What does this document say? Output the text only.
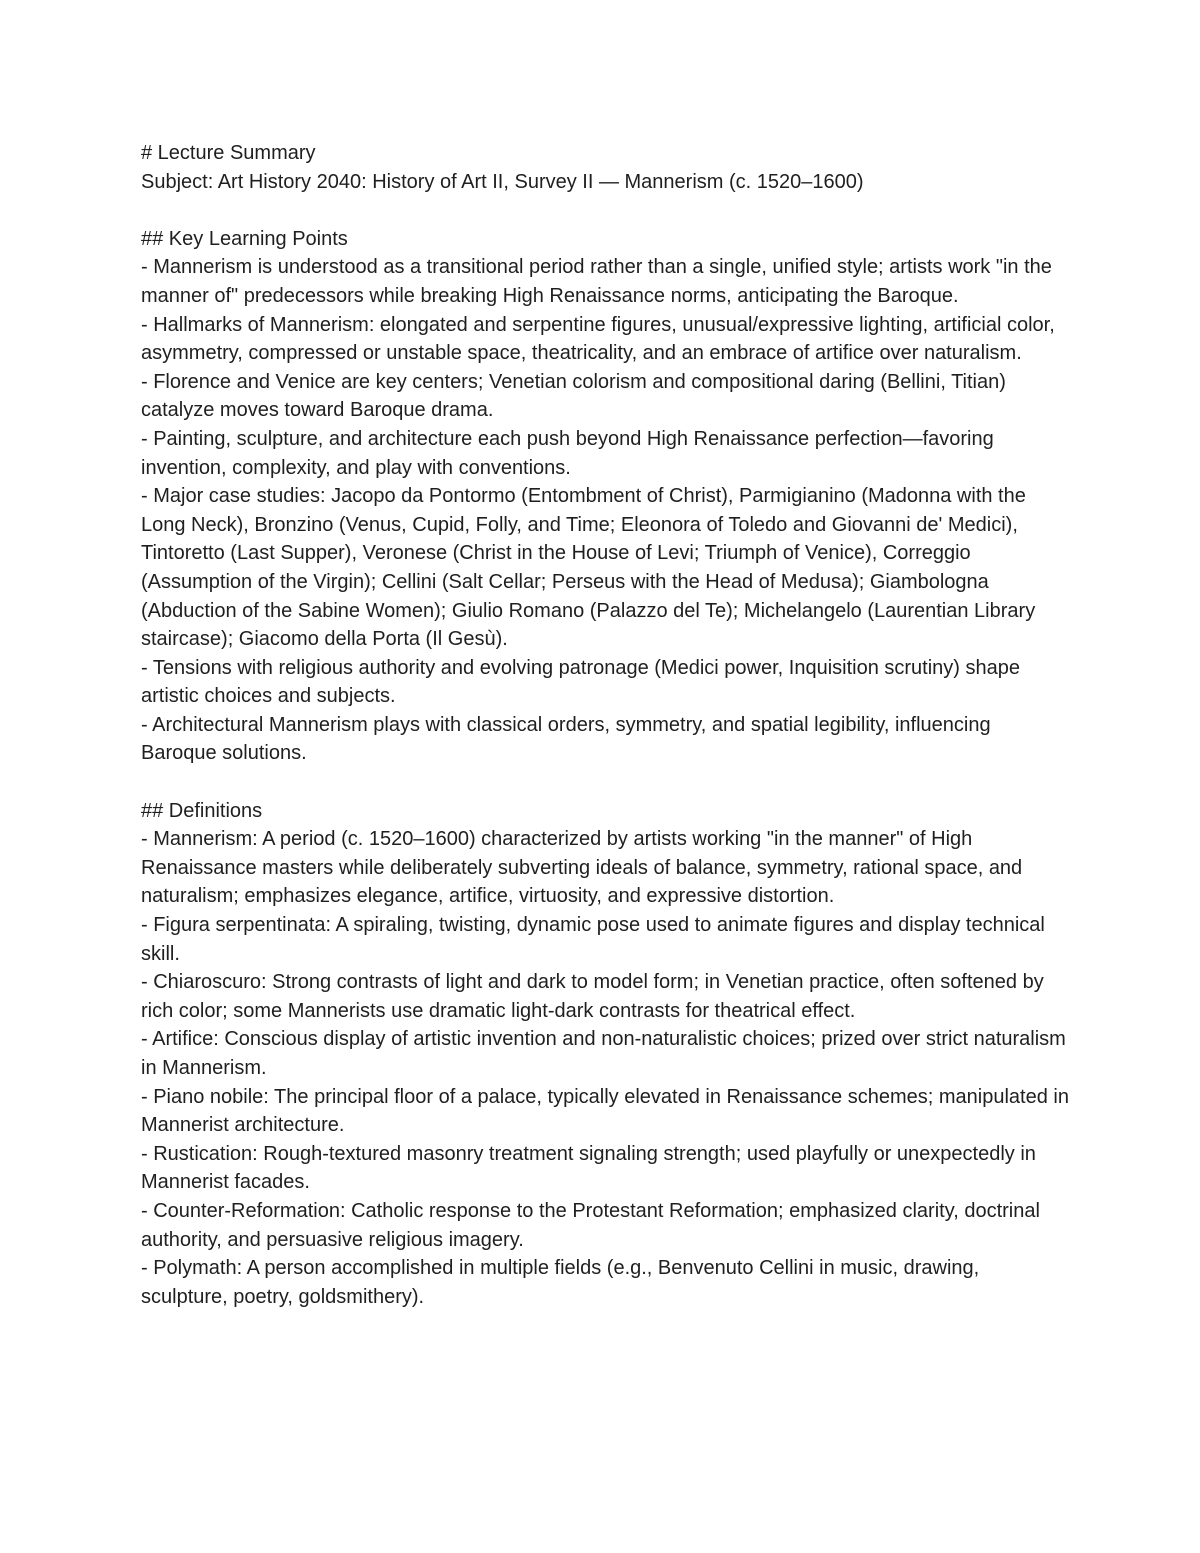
# Lecture Summary

Subject: Art History 2040: History of Art II, Survey II — Mannerism (c. 1520–1600)

## Key Learning Points

- Mannerism is understood as a transitional period rather than a single, unified style; artists work "in the manner of" predecessors while breaking High Renaissance norms, anticipating the Baroque.

- Hallmarks of Mannerism: elongated and serpentine figures, unusual/expressive lighting, artificial color, asymmetry, compressed or unstable space, theatricality, and an embrace of artifice over naturalism.

- Florence and Venice are key centers; Venetian colorism and compositional daring (Bellini, Titian) catalyze moves toward Baroque drama.

- Painting, sculpture, and architecture each push beyond High Renaissance perfection—favoring invention, complexity, and play with conventions.

- Major case studies: Jacopo da Pontormo (Entombment of Christ), Parmigianino (Madonna with the Long Neck), Bronzino (Venus, Cupid, Folly, and Time; Eleonora of Toledo and Giovanni de' Medici), Tintoretto (Last Supper), Veronese (Christ in the House of Levi; Triumph of Venice), Correggio (Assumption of the Virgin); Cellini (Salt Cellar; Perseus with the Head of Medusa); Giambologna (Abduction of the Sabine Women); Giulio Romano (Palazzo del Te); Michelangelo (Laurentian Library staircase); Giacomo della Porta (Il Gesù).

- Tensions with religious authority and evolving patronage (Medici power, Inquisition scrutiny) shape artistic choices and subjects.

- Architectural Mannerism plays with classical orders, symmetry, and spatial legibility, influencing Baroque solutions.

## Definitions

- Mannerism: A period (c. 1520–1600) characterized by artists working "in the manner" of High Renaissance masters while deliberately subverting ideals of balance, symmetry, rational space, and naturalism; emphasizes elegance, artifice, virtuosity, and expressive distortion.

- Figura serpentinata: A spiraling, twisting, dynamic pose used to animate figures and display technical skill.

- Chiaroscuro: Strong contrasts of light and dark to model form; in Venetian practice, often softened by rich color; some Mannerists use dramatic light-dark contrasts for theatrical effect.

- Artifice: Conscious display of artistic invention and non-naturalistic choices; prized over strict naturalism in Mannerism.

- Piano nobile: The principal floor of a palace, typically elevated in Renaissance schemes; manipulated in Mannerist architecture.

- Rustication: Rough-textured masonry treatment signaling strength; used playfully or unexpectedly in Mannerist facades.

- Counter-Reformation: Catholic response to the Protestant Reformation; emphasized clarity, doctrinal authority, and persuasive religious imagery.

- Polymath: A person accomplished in multiple fields (e.g., Benvenuto Cellini in music, drawing, sculpture, poetry, goldsmithery).
